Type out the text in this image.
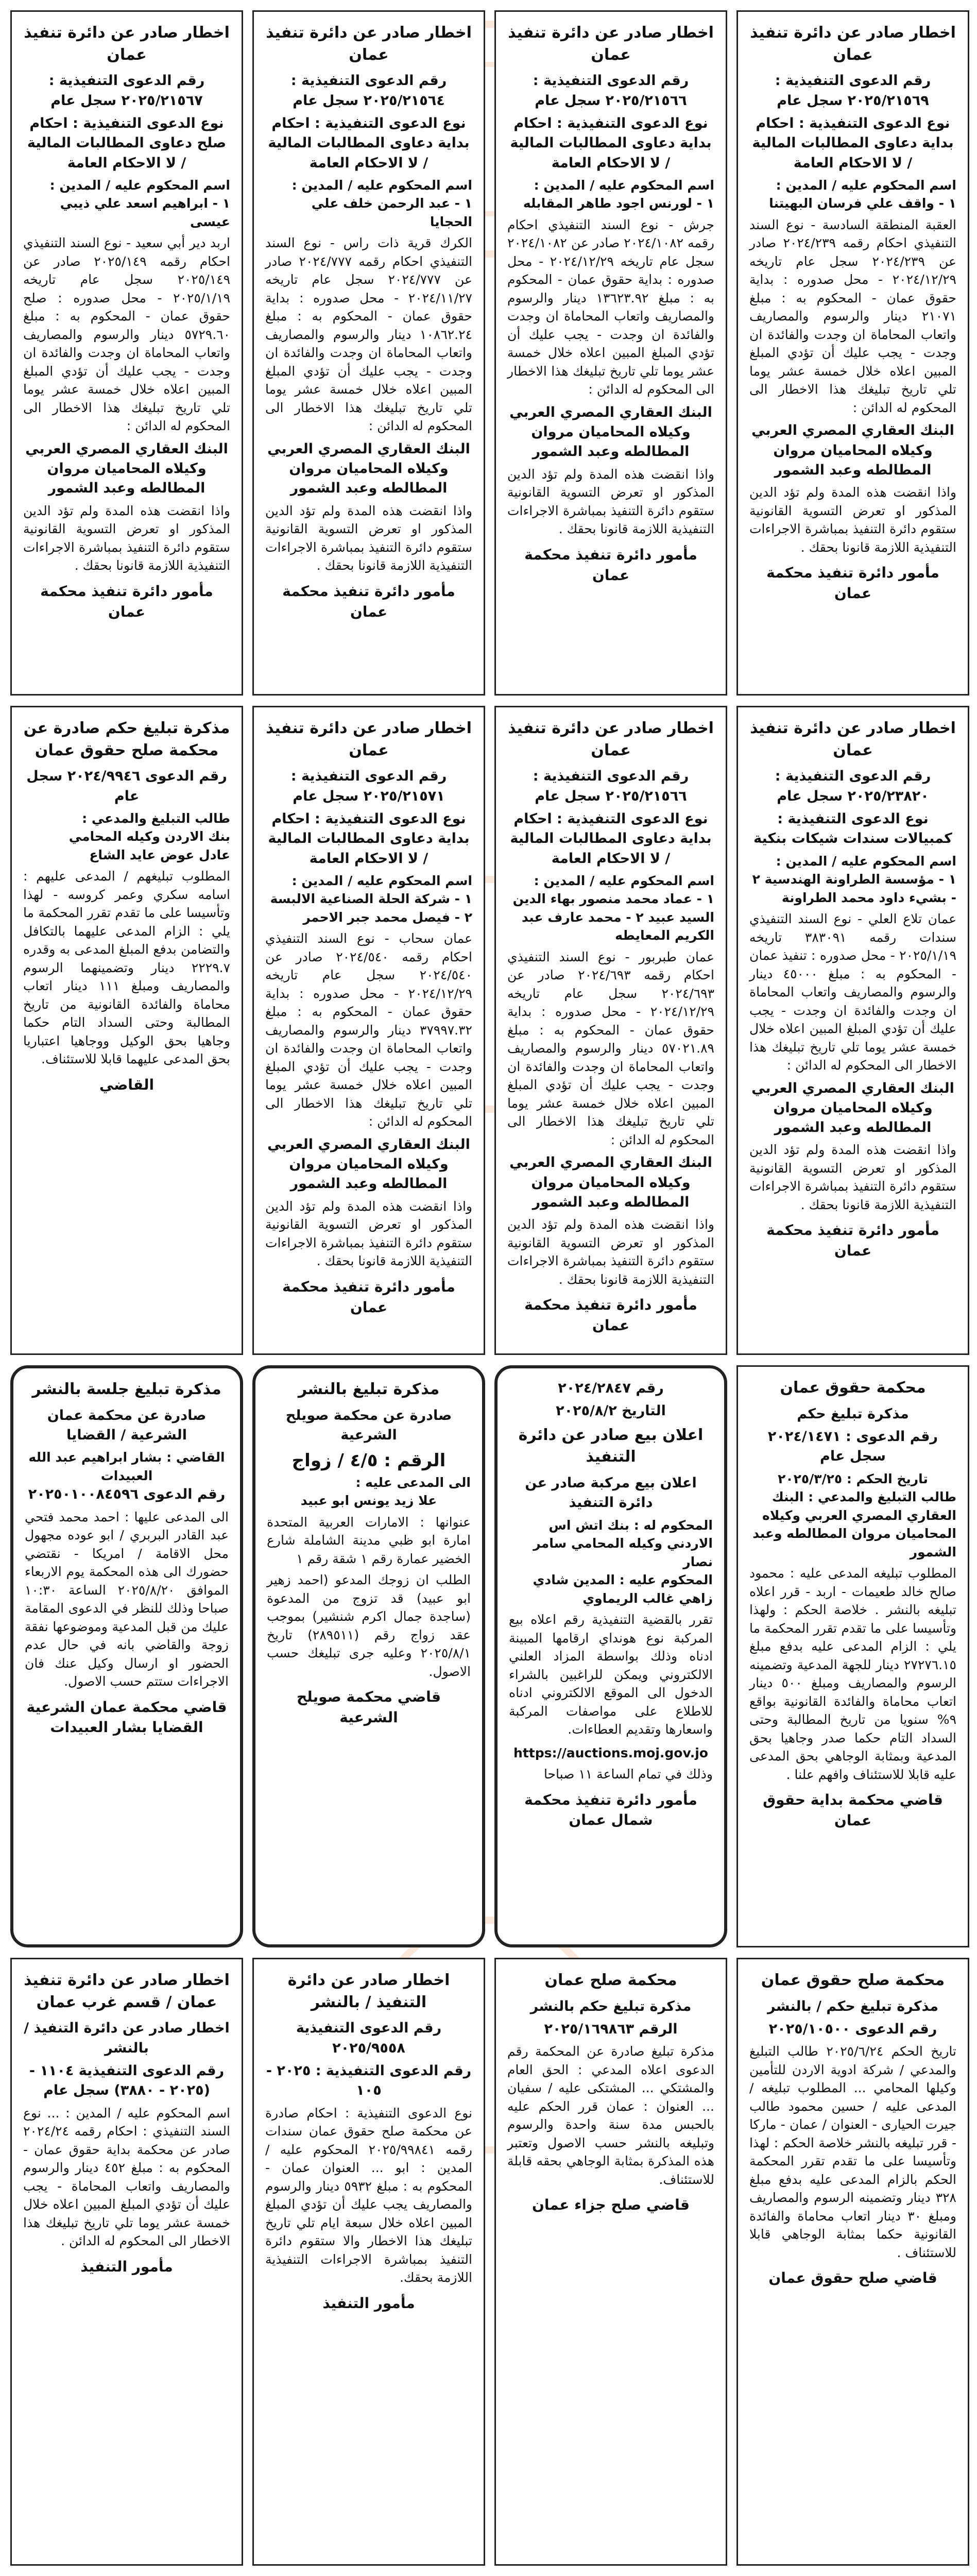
اخطار صادر عن دائرة تنفيذ عمان
رقم الدعوى التنفيذية : ٢٠٢٥/٢١٥٦٩ سجل عام
نوع الدعوى التنفيذية : احكام بداية دعاوى المطالبات المالية / لا الاحكام العامة
اسم المحكوم عليه / المدين :
١ - واقف علي فرسان البهيتنا
العقبة المنطقة السادسة - نوع السند التنفيذي احكام رقمه ٢٠٢٤/٢٣٩ صادر عن ٢٠٢٤/٢٣٩ سجل عام تاريخه ٢٠٢٤/١٢/٢٩ - محل صدوره : بداية حقوق عمان - المحكوم به : مبلغ ٢١٠٧١ دينار والرسوم والمصاريف واتعاب المحاماة ان وجدت والفائدة ان وجدت - يجب عليك أن تؤدي المبلغ المبين اعلاه خلال خمسة عشر يوما تلي تاريخ تبليغك هذا الاخطار الى المحكوم له الدائن :
البنك العقاري المصري العربي وكيلاه المحاميان مروان المطالطه وعبد الشمور
واذا انقضت هذه المدة ولم تؤد الدين المذكور او تعرض التسوية القانونية ستقوم دائرة التنفيذ بمباشرة الاجراءات التنفيذية اللازمة قانونا بحقك .
مأمور دائرة تنفيذ محكمة عمان
اخطار صادر عن دائرة تنفيذ عمان
رقم الدعوى التنفيذية : ٢٠٢٥/٢١٥٦٦ سجل عام
نوع الدعوى التنفيذية : احكام بداية دعاوى المطالبات المالية / لا الاحكام العامة
اسم المحكوم عليه / المدين :
١ - لورنس اجود طاهر المقابله
جرش - نوع السند التنفيذي احكام رقمه ٢٠٢٤/١٠٨٢ صادر عن ٢٠٢٤/١٠٨٢ سجل عام تاريخه ٢٠٢٤/١٢/٢٩ - محل صدوره : بداية حقوق عمان - المحكوم به : مبلغ ١٣٦٢٣.٩٢ دينار والرسوم والمصاريف واتعاب المحاماة ان وجدت والفائدة ان وجدت - يجب عليك أن تؤدي المبلغ المبين اعلاه خلال خمسة عشر يوما تلي تاريخ تبليغك هذا الاخطار الى المحكوم له الدائن :
البنك العقاري المصري العربي وكيلاه المحاميان مروان المطالطه وعبد الشمور
واذا انقضت هذه المدة ولم تؤد الدين المذكور او تعرض التسوية القانونية ستقوم دائرة التنفيذ بمباشرة الاجراءات التنفيذية اللازمة قانونا بحقك .
مأمور دائرة تنفيذ محكمة عمان
اخطار صادر عن دائرة تنفيذ عمان
رقم الدعوى التنفيذية : ٢٠٢٥/٢١٥٦٤ سجل عام
نوع الدعوى التنفيذية : احكام بداية دعاوى المطالبات المالية / لا الاحكام العامة
اسم المحكوم عليه / المدين :
١ - عبد الرحمن خلف علي الحجايا
الكرك قرية ذات راس - نوع السند التنفيذي احكام رقمه ٢٠٢٤/٧٧٧ صادر عن ٢٠٢٤/٧٧٧ سجل عام تاريخه ٢٠٢٤/١١/٢٧ - محل صدوره : بداية حقوق عمان - المحكوم به : مبلغ ١٠٨٦٢.٢٤ دينار والرسوم والمصاريف واتعاب المحاماة ان وجدت والفائدة ان وجدت - يجب عليك أن تؤدي المبلغ المبين اعلاه خلال خمسة عشر يوما تلي تاريخ تبليغك هذا الاخطار الى المحكوم له الدائن :
البنك العقاري المصري العربي وكيلاه المحاميان مروان المطالطه وعبد الشمور
واذا انقضت هذه المدة ولم تؤد الدين المذكور او تعرض التسوية القانونية ستقوم دائرة التنفيذ بمباشرة الاجراءات التنفيذية اللازمة قانونا بحقك .
مأمور دائرة تنفيذ محكمة عمان
اخطار صادر عن دائرة تنفيذ عمان
رقم الدعوى التنفيذية : ٢٠٢٥/٢١٥٦٧ سجل عام
نوع الدعوى التنفيذية : احكام صلح دعاوى المطالبات المالية / لا الاحكام العامة
اسم المحكوم عليه / المدين :
١ - ابراهيم اسعد علي ذيبي عيسى
اربد دير أبي سعيد - نوع السند التنفيذي احكام رقمه ٢٠٢٥/١٤٩ صادر عن ٢٠٢٥/١٤٩ سجل عام تاريخه ٢٠٢٥/١/١٩ - محل صدوره : صلح حقوق عمان - المحكوم به : مبلغ ٥٧٢٩.٦٠ دينار والرسوم والمصاريف واتعاب المحاماة ان وجدت والفائدة ان وجدت - يجب عليك أن تؤدي المبلغ المبين اعلاه خلال خمسة عشر يوما تلي تاريخ تبليغك هذا الاخطار الى المحكوم له الدائن :
البنك العقاري المصري العربي وكيلاه المحاميان مروان المطالطه وعبد الشمور
واذا انقضت هذه المدة ولم تؤد الدين المذكور او تعرض التسوية القانونية ستقوم دائرة التنفيذ بمباشرة الاجراءات التنفيذية اللازمة قانونا بحقك .
مأمور دائرة تنفيذ محكمة عمان
اخطار صادر عن دائرة تنفيذ عمان
رقم الدعوى التنفيذية : ٢٠٢٥/٢٣٨٢٠ سجل عام
نوع الدعوى التنفيذية : كمبيالات سندات شيكات بنكية
اسم المحكوم عليه / المدين :
١ - مؤسسة الطراونة الهندسية ٢ - بشيء داود محمد الطراونة
عمان تلاع العلي - نوع السند التنفيذي سندات رقمه ٣٨٣٠٩١ تاريخه ٢٠٢٥/١/١٩ - محل صدوره : تنفيذ عمان - المحكوم به : مبلغ ٤٥٠٠٠ دينار والرسوم والمصاريف واتعاب المحاماة ان وجدت والفائدة ان وجدت - يجب عليك أن تؤدي المبلغ المبين اعلاه خلال خمسة عشر يوما تلي تاريخ تبليغك هذا الاخطار الى المحكوم له الدائن :
البنك العقاري المصري العربي وكيلاه المحاميان مروان المطالطه وعبد الشمور
واذا انقضت هذه المدة ولم تؤد الدين المذكور او تعرض التسوية القانونية ستقوم دائرة التنفيذ بمباشرة الاجراءات التنفيذية اللازمة قانونا بحقك .
مأمور دائرة تنفيذ محكمة عمان
اخطار صادر عن دائرة تنفيذ عمان
رقم الدعوى التنفيذية : ٢٠٢٥/٢١٥٦٦ سجل عام
نوع الدعوى التنفيذية : احكام بداية دعاوى المطالبات المالية / لا الاحكام العامة
اسم المحكوم عليه / المدين :
١ - عماد محمد منصور بهاء الدين السيد عبيد ٢ - محمد عارف عبد الكريم المعايطه
عمان طبربور - نوع السند التنفيذي احكام رقمه ٢٠٢٤/٦٩٣ صادر عن ٢٠٢٤/٦٩٣ سجل عام تاريخه ٢٠٢٤/١٢/٢٩ - محل صدوره : بداية حقوق عمان - المحكوم به : مبلغ ٥٧٠٢١.٨٩ دينار والرسوم والمصاريف واتعاب المحاماة ان وجدت والفائدة ان وجدت - يجب عليك أن تؤدي المبلغ المبين اعلاه خلال خمسة عشر يوما تلي تاريخ تبليغك هذا الاخطار الى المحكوم له الدائن :
البنك العقاري المصري العربي وكيلاه المحاميان مروان المطالطه وعبد الشمور
واذا انقضت هذه المدة ولم تؤد الدين المذكور او تعرض التسوية القانونية ستقوم دائرة التنفيذ بمباشرة الاجراءات التنفيذية اللازمة قانونا بحقك .
مأمور دائرة تنفيذ محكمة عمان
اخطار صادر عن دائرة تنفيذ عمان
رقم الدعوى التنفيذية : ٢٠٢٥/٢١٥٧١ سجل عام
نوع الدعوى التنفيذية : احكام بداية دعاوى المطالبات المالية / لا الاحكام العامة
اسم المحكوم عليه / المدين :
١ - شركة الحلة الصناعية الالبسة ٢ - فيصل محمد جبر الاحمر
عمان سحاب - نوع السند التنفيذي احكام رقمه ٢٠٢٤/٥٤٠ صادر عن ٢٠٢٤/٥٤٠ سجل عام تاريخه ٢٠٢٤/١٢/٢٩ - محل صدوره : بداية حقوق عمان - المحكوم به : مبلغ ٣٧٩٩٧.٣٢ دينار والرسوم والمصاريف واتعاب المحاماة ان وجدت والفائدة ان وجدت - يجب عليك أن تؤدي المبلغ المبين اعلاه خلال خمسة عشر يوما تلي تاريخ تبليغك هذا الاخطار الى المحكوم له الدائن :
البنك العقاري المصري العربي وكيلاه المحاميان مروان المطالطه وعبد الشمور
واذا انقضت هذه المدة ولم تؤد الدين المذكور او تعرض التسوية القانونية ستقوم دائرة التنفيذ بمباشرة الاجراءات التنفيذية اللازمة قانونا بحقك .
مأمور دائرة تنفيذ محكمة عمان
مذكرة تبليغ حكم صادرة عن محكمة صلح حقوق عمان
رقم الدعوى ٢٠٢٤/٩٩٤٦ سجل عام
طالب التبليغ والمدعي :
بنك الاردن وكيله المحامي
عادل عوض عايد الشاع
المطلوب تبليغهم / المدعى عليهم : اسامه سكري وعمر كروسه - لهذا وتأسيسا على ما تقدم تقرر المحكمة ما يلي : الزام المدعى عليهما بالتكافل والتضامن بدفع المبلغ المدعى به وقدره ٢٢٢٩.٧ دينار وتضمينهما الرسوم والمصاريف ومبلغ ١١١ دينار اتعاب محاماة والفائدة القانونية من تاريخ المطالبة وحتى السداد التام حكما وجاهيا بحق الوكيل ووجاهيا اعتباريا بحق المدعى عليهما قابلا للاستئناف.
القاضي
محكمة حقوق عمان
مذكرة تبليغ حكم
رقم الدعوى : ٢٠٢٤/١٤٧١ سجل عام
تاريخ الحكم : ٢٠٢٥/٣/٢٥
طالب التبليغ والمدعي : البنك العقاري المصري العربي وكيلاه المحاميان مروان المطالطه وعبد الشمور
المطلوب تبليغه المدعى عليه : محمود صالح خالد طعيمات - اربد - قرر اعلاه تبليغه بالنشر . خلاصة الحكم : ولهذا وتأسيسا على ما تقدم تقرر المحكمة ما يلي : الزام المدعى عليه بدفع مبلغ ٢٧٢٧٦.١٥ دينار للجهة المدعية وتضمينه الرسوم والمصاريف ومبلغ ٥٠٠ دينار اتعاب محاماة والفائدة القانونية بواقع ٩% سنويا من تاريخ المطالبة وحتى السداد التام حكما صدر وجاهيا بحق المدعية وبمثابة الوجاهي بحق المدعى عليه قابلا للاستئناف وافهم علنا .
قاضي محكمة بداية حقوق عمان
رقم ٢٠٢٤/٢٨٤٧
التاريخ ٢٠٢٥/٨/٢
اعلان بيع صادر عن دائرة التنفيذ
اعلان بيع مركبة صادر عن دائرة التنفيذ
المحكوم له : بنك اتش اس الاردني وكيله المحامي سامر نصار
المحكوم عليه : المدين شادي زاهي غالب الريماوي
تقرر بالقضية التنفيذية رقم اعلاه بيع المركبة نوع هونداي ارقامها المبينة ادناه وذلك بواسطة المزاد العلني الالكتروني ويمكن للراغبين بالشراء الدخول الى الموقع الالكتروني ادناه للاطلاع على مواصفات المركبة واسعارها وتقديم العطاءات.
https://auctions.moj.gov.jo
وذلك في تمام الساعة ١١ صباحا
مأمور دائرة تنفيذ محكمة شمال عمان
مذكرة تبليغ بالنشر
صادرة عن محكمة صويلح الشرعية
الرقم : ٤/٥ / زواج
الى المدعى عليه :
علا زيد يونس ابو عبيد
عنوانها : الامارات العربية المتحدة امارة ابو ظبي مدينة الشاملة شارع الخضير عمارة رقم ١ شقة رقم ١
الطلب ان زوجك المدعو (احمد زهير ابو عبيد) قد تزوج من المدعوة (ساجدة جمال اكرم شنشير) بموجب عقد زواج رقم (٢٨٩٥١١) تاريخ ٢٠٢٥/٨/١ وعليه جرى تبليغك حسب الاصول.
قاضي محكمة صويلح الشرعية
مذكرة تبليغ جلسة بالنشر
صادرة عن محكمة عمان الشرعية / القضايا
القاضي : بشار ابراهيم عبد الله العبيدات
رقم الدعوى ٢٠٢٥٠١٠٠٨٤٥٩٦
الى المدعى عليها : احمد محمد فتحي عبد القادر البربري / ابو عوده مجهول محل الاقامة / امريكا - نقتضي حضورك الى هذه المحكمة يوم الاربعاء الموافق ٢٠٢٥/٨/٢٠ الساعة ١٠:٣٠ صباحا وذلك للنظر في الدعوى المقامة عليك من قبل المدعية وموضوعها نفقة زوجة والقاضي بانه في حال عدم الحضور او ارسال وكيل عنك فان الاجراءات ستتم حسب الاصول.
قاضي محكمة عمان الشرعية القضايا بشار العبيدات
محكمة صلح حقوق عمان
مذكرة تبليغ حكم / بالنشر
رقم الدعوى ٢٠٢٥/١٠٥٠٠
تاريخ الحكم ٢٠٢٥/٦/٢٤ طالب التبليغ والمدعي / شركة ادوية الاردن للتأمين وكيلها المحامي ... المطلوب تبليغه / المدعى عليه / حسين محمود طالب جيرت الحيارى - العنوان / عمان - ماركا - قرر تبليغه بالنشر خلاصة الحكم : لهذا وتأسيسا على ما تقدم تقرر المحكمة الحكم بالزام المدعى عليه بدفع مبلغ ٣٢٨ دينار وتضمينه الرسوم والمصاريف ومبلغ ٣٠ دينار اتعاب محاماة والفائدة القانونية حكما بمثابة الوجاهي قابلا للاستئناف .
قاضي صلح حقوق عمان
محكمة صلح عمان
مذكرة تبليغ حكم بالنشر
الرقم ٢٠٢٥/١٦٩٨٦٣
مذكرة تبليغ صادرة عن المحكمة رقم الدعوى اعلاه المدعي : الحق العام والمشتكي ... المشتكى عليه / سفيان ... العنوان : عمان قرر الحكم عليه بالحبس مدة سنة واحدة والرسوم وتبليغه بالنشر حسب الاصول وتعتبر هذه المذكرة بمثابة الوجاهي بحقه قابلة للاستئناف.
قاضي صلح جزاء عمان
اخطار صادر عن دائرة التنفيذ / بالنشر
رقم الدعوى التنفيذية ٢٠٢٥/٩٥٥٨
رقم الدعوى التنفيذية : ٢٠٢٥ - ١٠٥
نوع الدعوى التنفيذية : احكام صادرة عن محكمة صلح حقوق عمان سندات رقمه ٢٠٢٥/٩٩٨٤١ المحكوم عليه / المدين : ابو ... العنوان عمان - المحكوم به : مبلغ ٥٩٣٢ دينار والرسوم والمصاريف يجب عليك أن تؤدي المبلغ المبين اعلاه خلال سبعة ايام تلي تاريخ تبليغك هذا الاخطار والا ستقوم دائرة التنفيذ بمباشرة الاجراءات التنفيذية اللازمة بحقك.
مأمور التنفيذ
اخطار صادر عن دائرة تنفيذ عمان / قسم غرب عمان
اخطار صادر عن دائرة التنفيذ / بالنشر
رقم الدعوى التنفيذية ١١٠٤ - (٢٠٢٥ - ٣٨٨٠) سجل عام
اسم المحكوم عليه / المدين : ... نوع السند التنفيذي : احكام رقمه ٢٠٢٤/٢٤ صادر عن محكمة بداية حقوق عمان - المحكوم به : مبلغ ٤٥٢ دينار والرسوم والمصاريف واتعاب المحاماة - يجب عليك أن تؤدي المبلغ المبين اعلاه خلال خمسة عشر يوما تلي تاريخ تبليغك هذا الاخطار الى المحكوم له الدائن .
مأمور التنفيذ
